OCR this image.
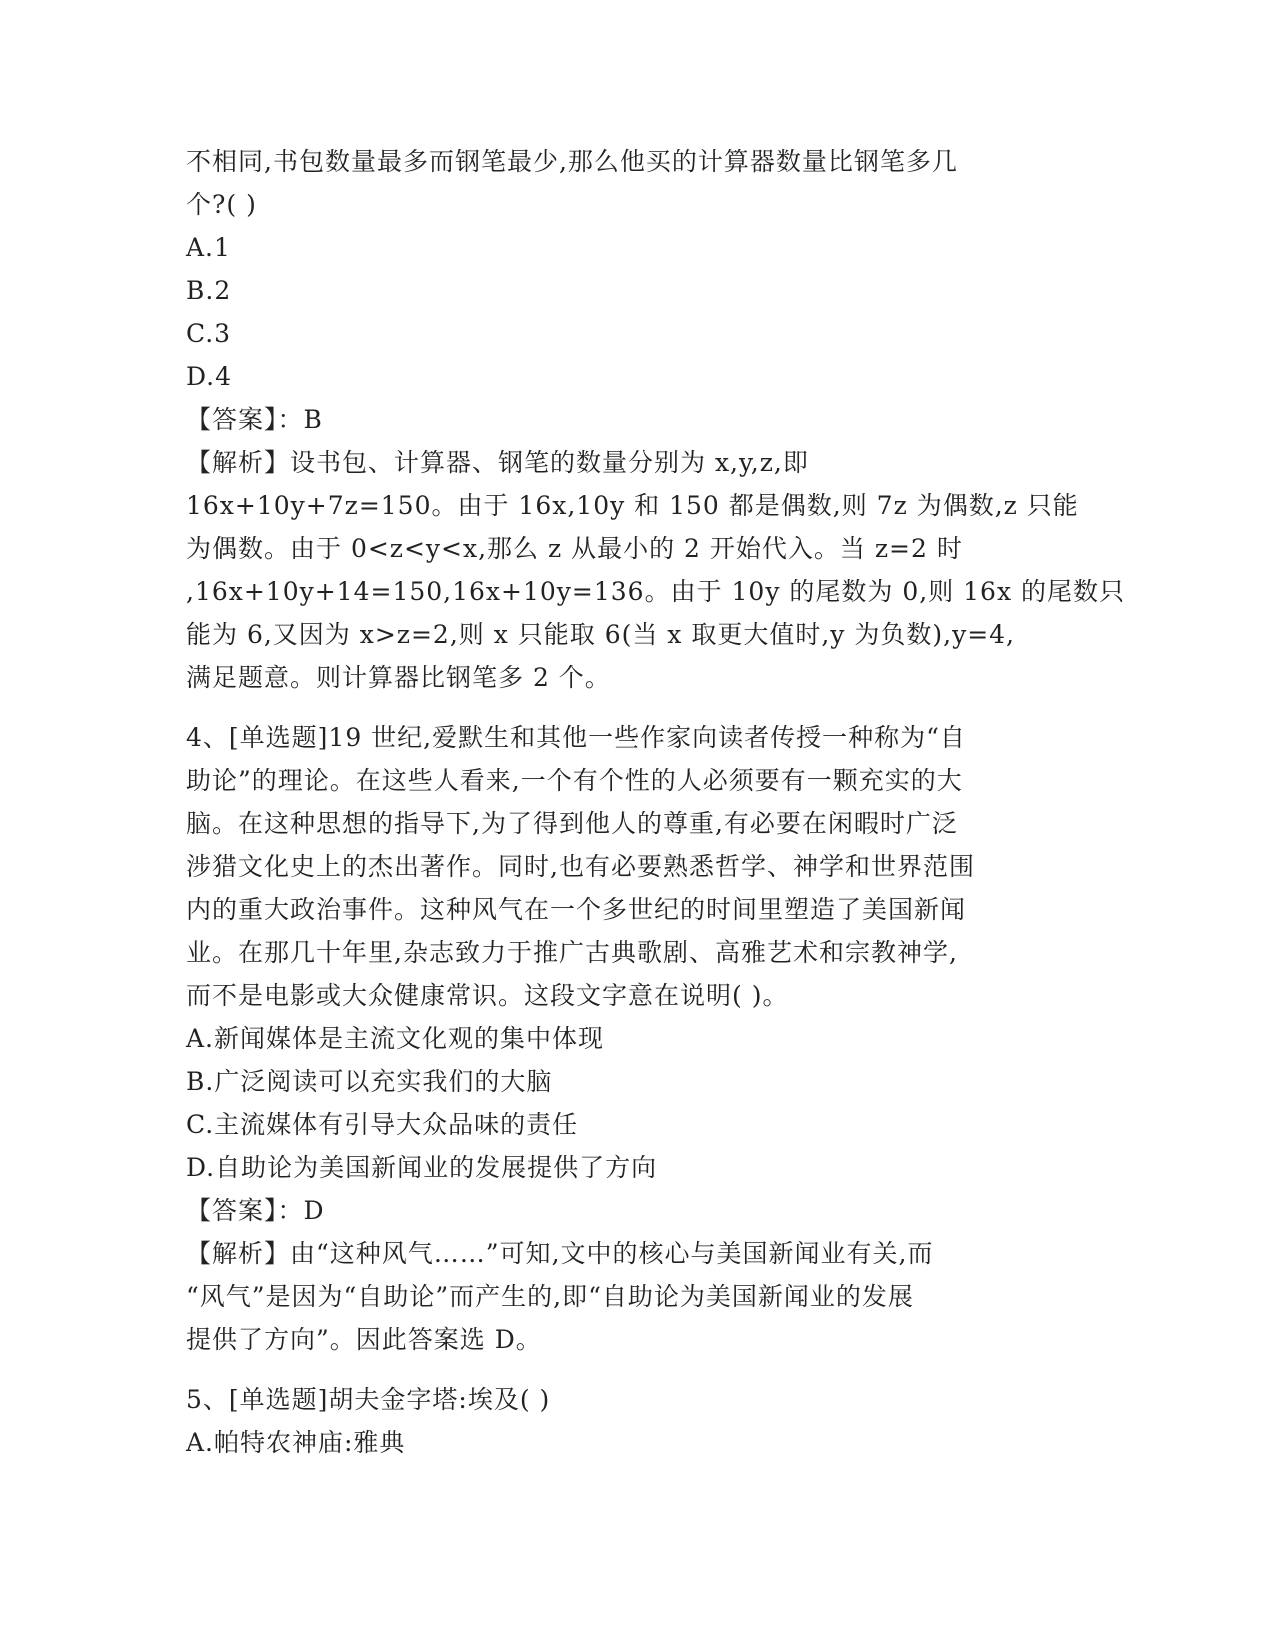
不相同,书包数量最多而钢笔最少,那么他买的计算器数量比钢笔多几
个?( )
A.1
B.2
C.3
D.4
【答案】：B
【解析】设书包、计算器、钢笔的数量分别为 x,y,z,即
16x+10y+7z=150。由于 16x,10y 和 150 都是偶数,则 7z 为偶数,z 只能
为偶数。由于 0<z<y<x,那么 z 从最小的 2 开始代入。当 z=2 时
,16x+10y+14=150,16x+10y=136。由于 10y 的尾数为 0,则 16x 的尾数只
能为 6,又因为 x>z=2,则 x 只能取 6(当 x 取更大值时,y 为负数),y=4,
满足题意。则计算器比钢笔多 2 个。
4、[单选题]19 世纪,爱默生和其他一些作家向读者传授一种称为“自
助论”的理论。在这些人看来,一个有个性的人必须要有一颗充实的大
脑。在这种思想的指导下,为了得到他人的尊重,有必要在闲暇时广泛
涉猎文化史上的杰出著作。同时,也有必要熟悉哲学、神学和世界范围
内的重大政治事件。这种风气在一个多世纪的时间里塑造了美国新闻
业。在那几十年里,杂志致力于推广古典歌剧、高雅艺术和宗教神学,
而不是电影或大众健康常识。这段文字意在说明( )。
A.新闻媒体是主流文化观的集中体现
B.广泛阅读可以充实我们的大脑
C.主流媒体有引导大众品味的责任
D.自助论为美国新闻业的发展提供了方向
【答案】：D
【解析】由“这种风气……”可知,文中的核心与美国新闻业有关,而
“风气”是因为“自助论”而产生的,即“自助论为美国新闻业的发展
提供了方向”。因此答案选 D。
5、[单选题]胡夫金字塔:埃及( )
A.帕特农神庙:雅典
